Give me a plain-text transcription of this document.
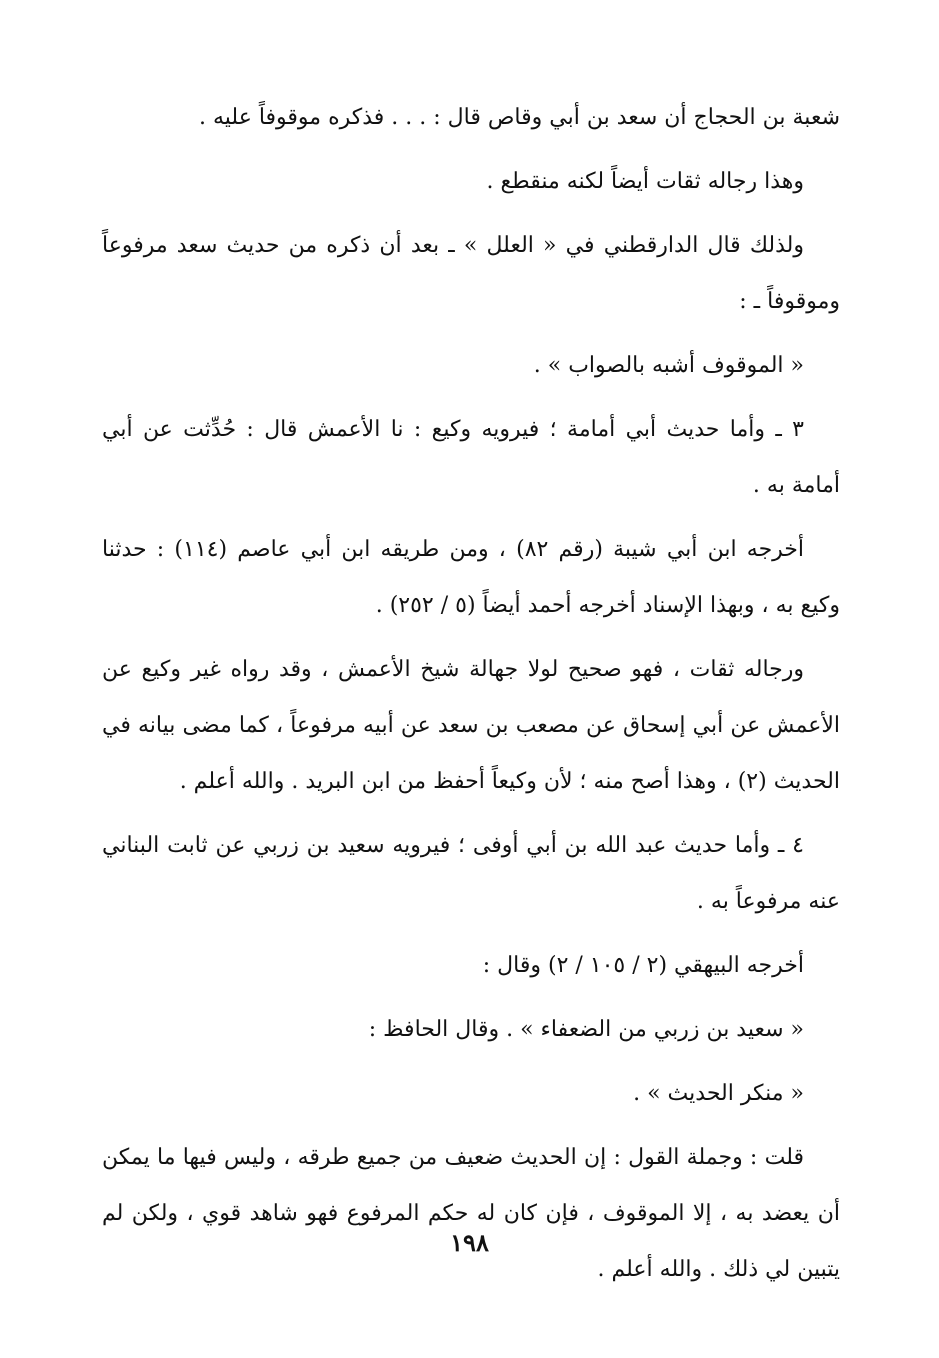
شعبة بن الحجاج أن سعد بن أبي وقاص قال : . . . فذكره موقوفاً عليه .

وهذا رجاله ثقات أيضاً لكنه منقطع .

ولذلك قال الدارقطني في « العلل » ـ بعد أن ذكره من حديث سعد مرفوعاً وموقوفاً ـ :

« الموقوف أشبه بالصواب » .

٣ ـ وأما حديث أبي أمامة ؛ فيرويه وكيع : نا الأعمش قال : حُدِّثت عن أبي أمامة به .

أخرجه ابن أبي شيبة (رقم ٨٢) ، ومن طريقه ابن أبي عاصم (١١٤) : حدثنا وكيع به ، وبهذا الإسناد أخرجه أحمد أيضاً (٥ / ٢٥٢) .

ورجاله ثقات ، فهو صحيح لولا جهالة شيخ الأعمش ، وقد رواه غير وكيع عن الأعمش عن أبي إسحاق عن مصعب بن سعد عن أبيه مرفوعاً ، كما مضى بيانه في الحديث (٢) ، وهذا أصح منه ؛ لأن وكيعاً أحفظ من ابن البريد . والله أعلم .

٤ ـ وأما حديث عبد الله بن أبي أوفى ؛ فيرويه سعيد بن زربي عن ثابت البناني عنه مرفوعاً به .

أخرجه البيهقي (٢ / ١٠٥ / ٢) وقال :

« سعيد بن زربي من الضعفاء » . وقال الحافظ :

« منكر الحديث » .

قلت : وجملة القول : إن الحديث ضعيف من جميع طرقه ، وليس فيها ما يمكن أن يعضد به ، إلا الموقوف ، فإن كان له حكم المرفوع فهو شاهد قوي ، ولكن لم يتبين لي ذلك . والله أعلم .

١٩٨
